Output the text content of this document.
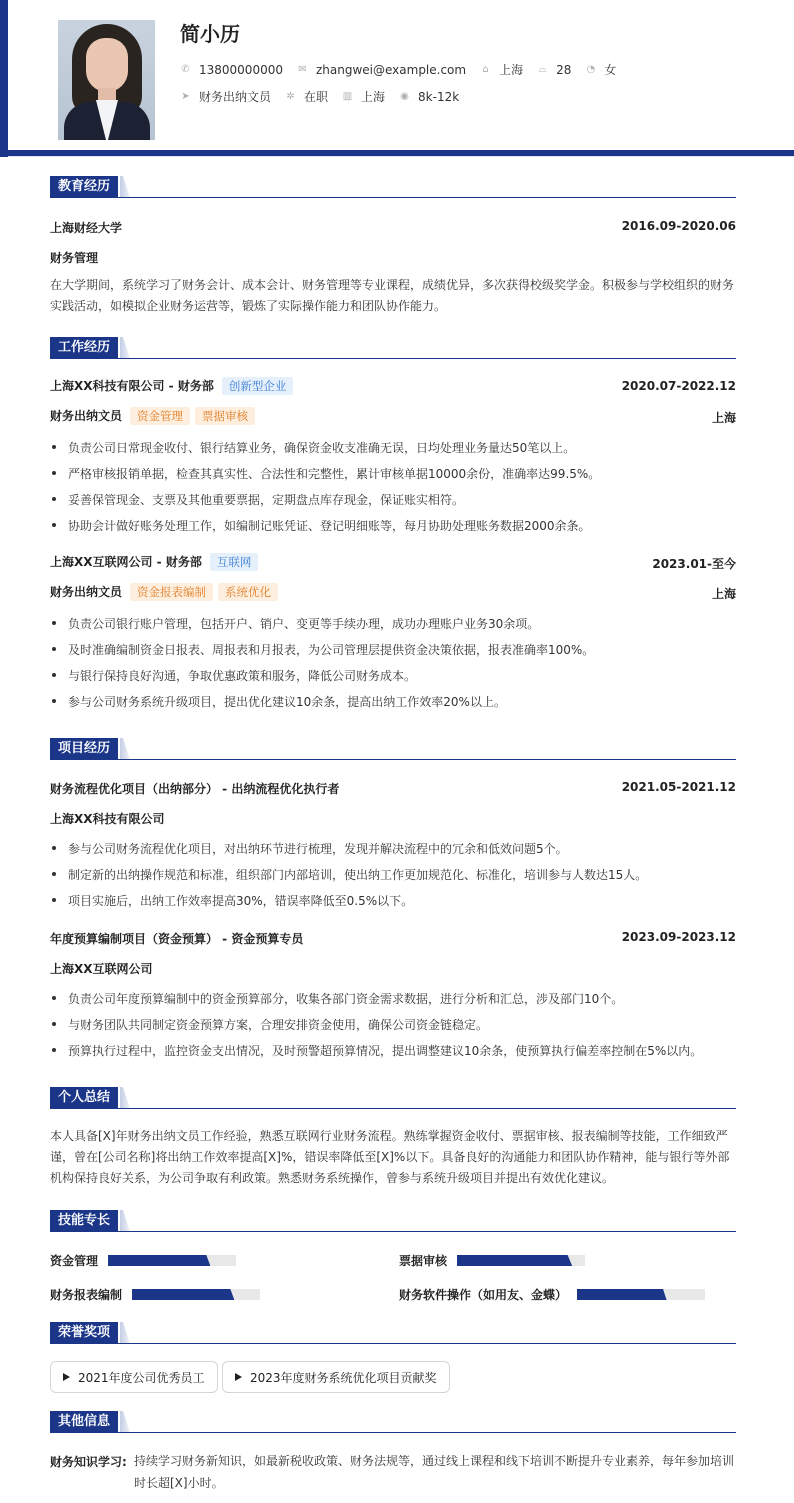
简小历
✆ 13800000000 ✉ zhangwei@example.com ⌂ 上海 ⌓ 28 ◔ 女
➤ 财务出纳文员 ✲ 在职 ▥ 上海 ◉ 8k-12k
教育经历
上海财经大学	2016.09-2020.06
财务管理
在大学期间，系统学习了财务会计、成本会计、财务管理等专业课程，成绩优异，多次获得校级奖学金。积极参与学校组织的财务实践活动，如模拟企业财务运营等，锻炼了实际操作能力和团队协作能力。
工作经历
上海XX科技有限公司 - 财务部 创新型企业	2020.07-2022.12
财务出纳文员 资金管理 票据审核	上海
负责公司日常现金收付、银行结算业务，确保资金收支准确无误，日均处理业务量达50笔以上。
严格审核报销单据，检查其真实性、合法性和完整性，累计审核单据10000余份，准确率达99.5%。
妥善保管现金、支票及其他重要票据，定期盘点库存现金，保证账实相符。
协助会计做好账务处理工作，如编制记账凭证、登记明细账等，每月协助处理账务数据2000余条。
上海XX互联网公司 - 财务部 互联网	2023.01-至今
财务出纳文员 资金报表编制 系统优化	上海
负责公司银行账户管理，包括开户、销户、变更等手续办理，成功办理账户业务30余项。
及时准确编制资金日报表、周报表和月报表，为公司管理层提供资金决策依据，报表准确率100%。
与银行保持良好沟通，争取优惠政策和服务，降低公司财务成本。
参与公司财务系统升级项目，提出优化建议10余条，提高出纳工作效率20%以上。
项目经历
财务流程优化项目（出纳部分） - 出纳流程优化执行者	2021.05-2021.12
上海XX科技有限公司
参与公司财务流程优化项目，对出纳环节进行梳理，发现并解决流程中的冗余和低效问题5个。
制定新的出纳操作规范和标准，组织部门内部培训，使出纳工作更加规范化、标准化，培训参与人数达15人。
项目实施后，出纳工作效率提高30%，错误率降低至0.5%以下。
年度预算编制项目（资金预算） - 资金预算专员	2023.09-2023.12
上海XX互联网公司
负责公司年度预算编制中的资金预算部分，收集各部门资金需求数据，进行分析和汇总，涉及部门10个。
与财务团队共同制定资金预算方案，合理安排资金使用，确保公司资金链稳定。
预算执行过程中，监控资金支出情况，及时预警超预算情况，提出调整建议10余条，使预算执行偏差率控制在5%以内。
个人总结
本人具备[X]年财务出纳文员工作经验，熟悉互联网行业财务流程。熟练掌握资金收付、票据审核、报表编制等技能，工作细致严谨，曾在[公司名称]将出纳工作效率提高[X]%，错误率降低至[X]%以下。具备良好的沟通能力和团队协作精神，能与银行等外部机构保持良好关系，为公司争取有利政策。熟悉财务系统操作，曾参与系统升级项目并提出有效优化建议。
技能专长
资金管理	票据审核
财务报表编制	财务软件操作（如用友、金蝶）
荣誉奖项
2021年度公司优秀员工	2023年度财务系统优化项目贡献奖
其他信息
财务知识学习: 持续学习财务新知识，如最新税收政策、财务法规等，通过线上课程和线下培训不断提升专业素养，每年参加培训时长超[X]小时。
